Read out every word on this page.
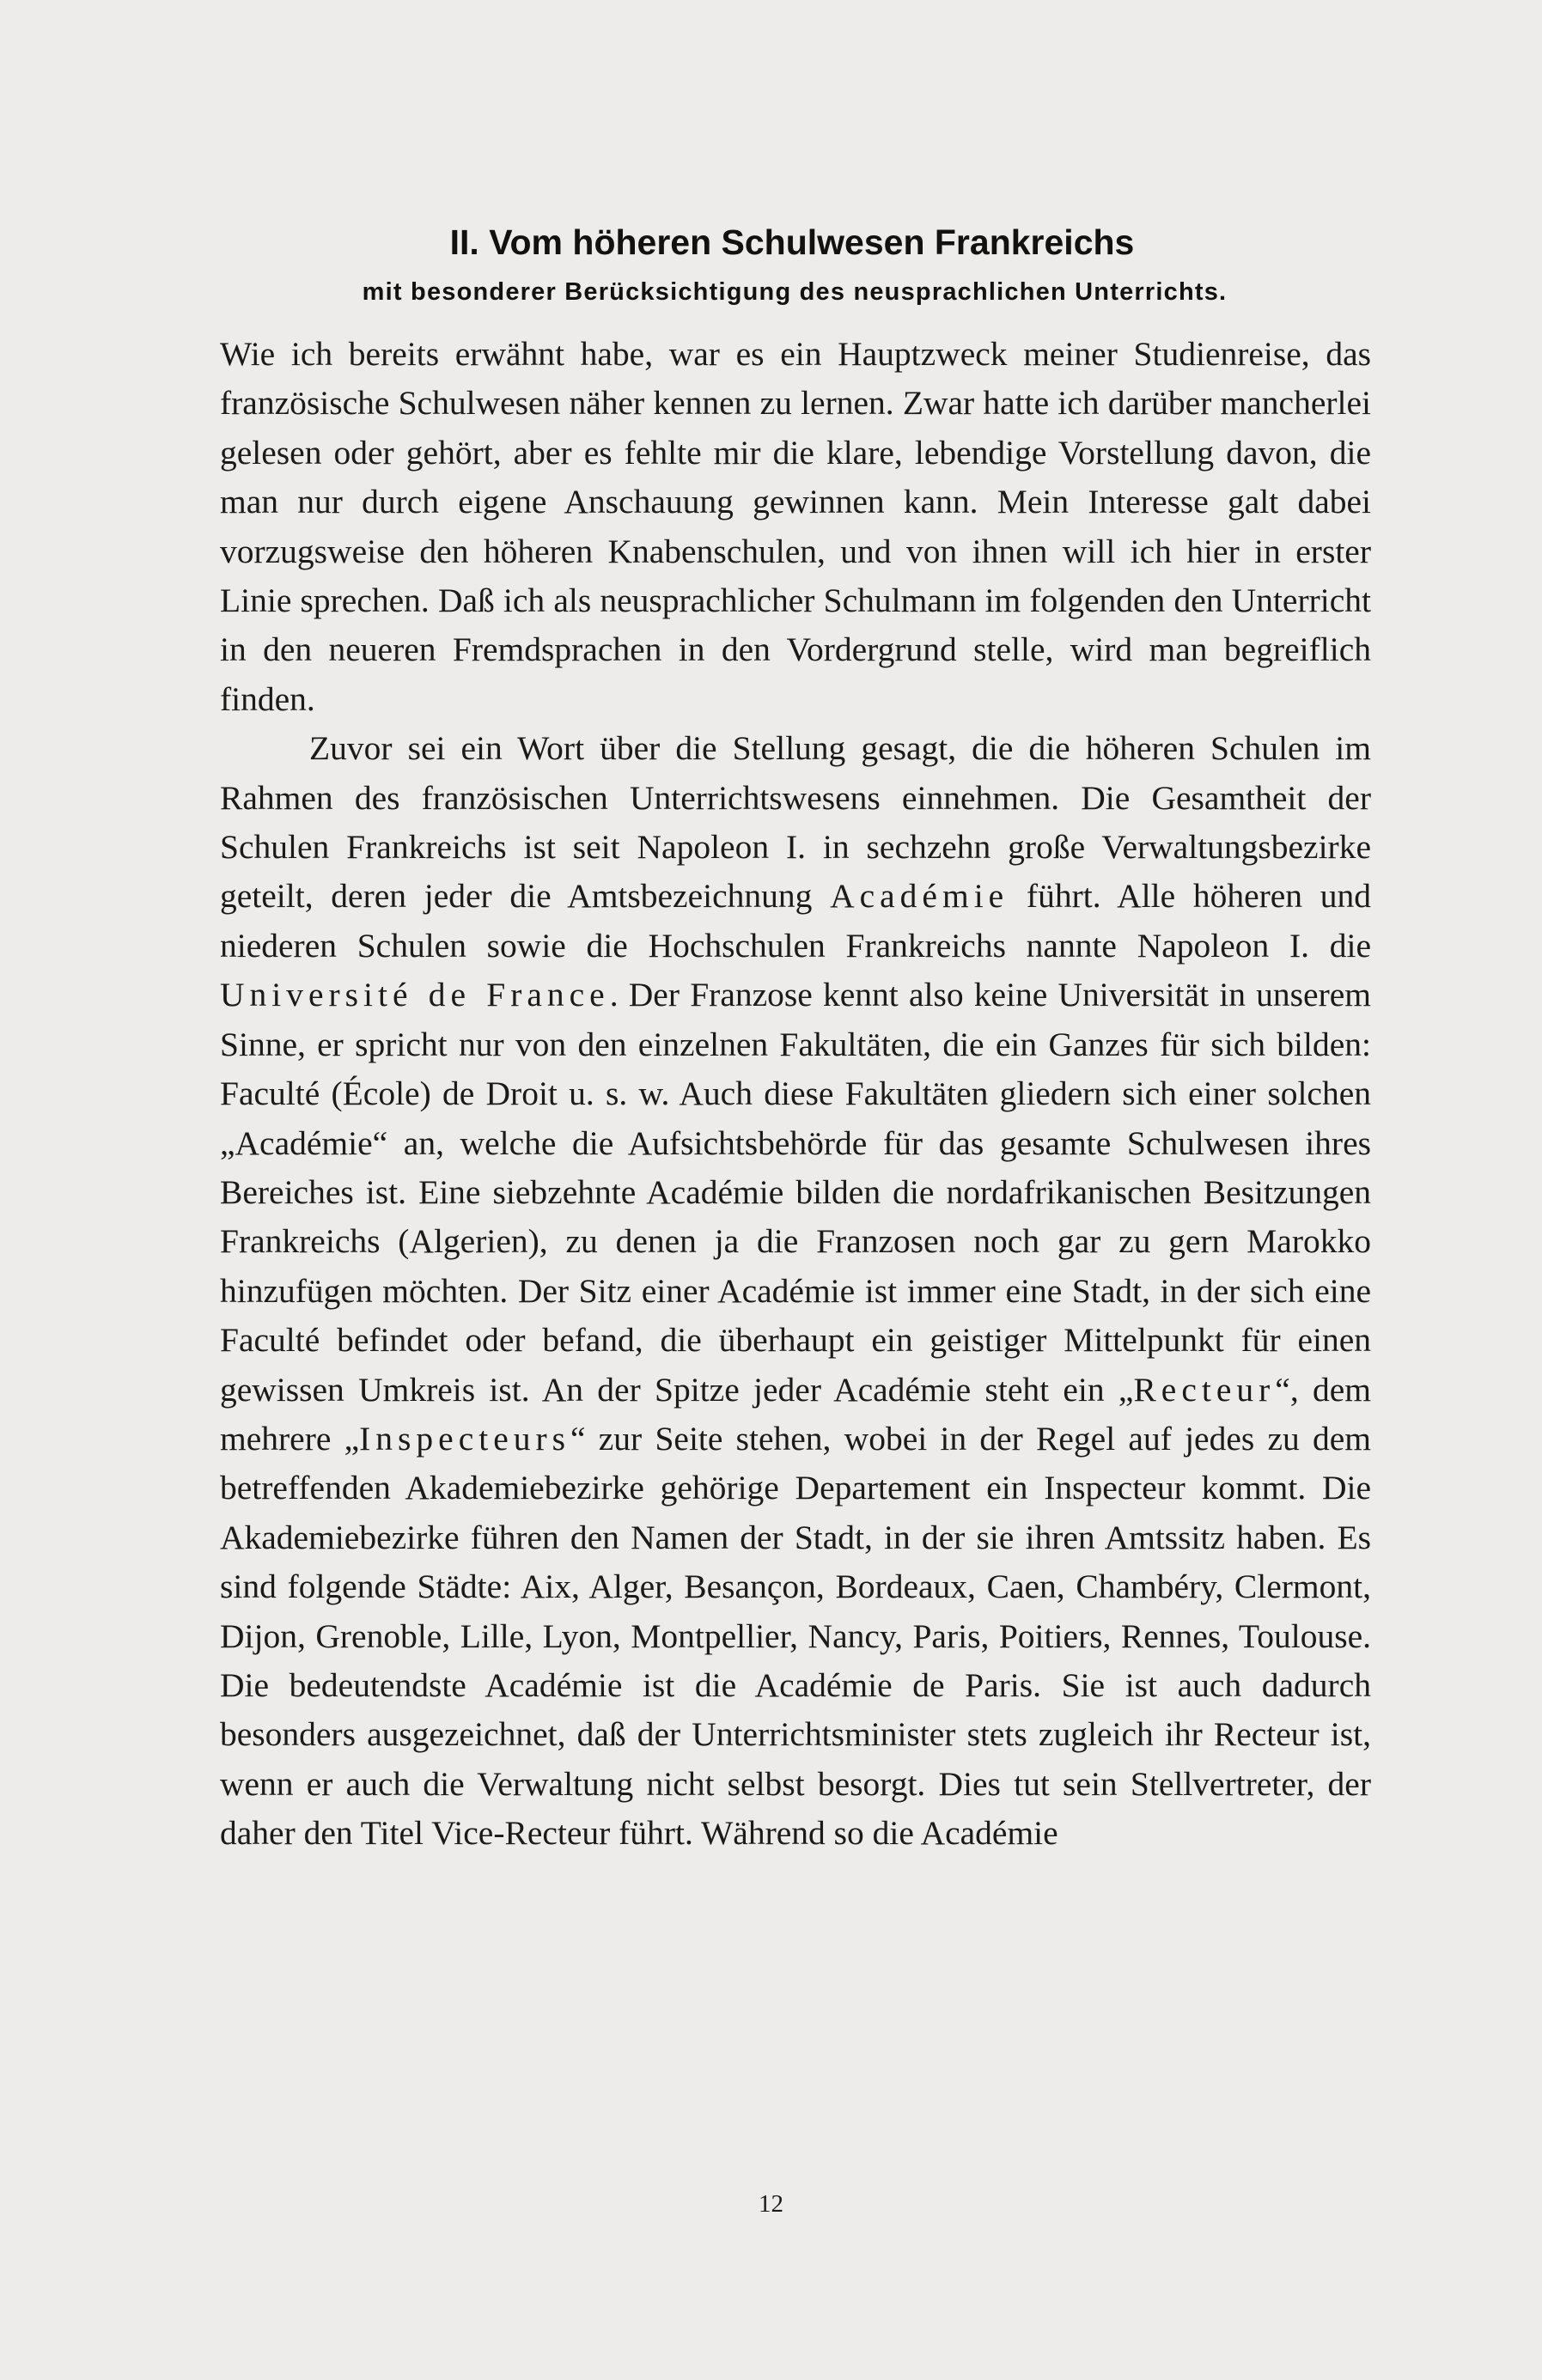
II. Vom höheren Schulwesen Frankreichs
mit besonderer Berücksichtigung des neusprachlichen Unterrichts.

Wie ich bereits erwähnt habe, war es ein Hauptzweck meiner Studienreise, das französische Schulwesen näher kennen zu lernen. Zwar hatte ich darüber mancherlei gelesen oder gehört, aber es fehlte mir die klare, lebendige Vorstellung davon, die man nur durch eigene Anschauung gewinnen kann. Mein Interesse galt dabei vorzugsweise den höheren Knabenschulen, und von ihnen will ich hier in erster Linie sprechen. Daß ich als neusprachlicher Schulmann im folgenden den Unterricht in den neueren Fremdsprachen in den Vordergrund stelle, wird man begreiflich finden.

Zuvor sei ein Wort über die Stellung gesagt, die die höheren Schulen im Rahmen des französischen Unterrichtswesens einnehmen. Die Gesamtheit der Schulen Frankreichs ist seit Napoleon I. in sechzehn große Verwaltungsbezirke geteilt, deren jeder die Amtsbezeichnung Académie führt. Alle höheren und niederen Schulen sowie die Hochschulen Frankreichs nannte Napoleon I. die Université de France. Der Franzose kennt also keine Universität in unserem Sinne, er spricht nur von den einzelnen Fakultäten, die ein Ganzes für sich bilden: Faculté (École) de Droit u. s. w. Auch diese Fakultäten gliedern sich einer solchen „Académie“ an, welche die Aufsichtsbehörde für das gesamte Schulwesen ihres Bereiches ist. Eine siebzehnte Académie bilden die nordafrikanischen Besitzungen Frankreichs (Algerien), zu denen ja die Franzosen noch gar zu gern Marokko hinzufügen möchten. Der Sitz einer Académie ist immer eine Stadt, in der sich eine Faculté befindet oder befand, die überhaupt ein geistiger Mittelpunkt für einen gewissen Umkreis ist. An der Spitze jeder Académie steht ein „Recteur“, dem mehrere „Inspecteurs“ zur Seite stehen, wobei in der Regel auf jedes zu dem betreffenden Akademiebezirke gehörige Departement ein Inspecteur kommt. Die Akademiebezirke führen den Namen der Stadt, in der sie ihren Amtssitz haben. Es sind folgende Städte: Aix, Alger, Besançon, Bordeaux, Caen, Chambéry, Clermont, Dijon, Grenoble, Lille, Lyon, Montpellier, Nancy, Paris, Poitiers, Rennes, Toulouse. Die bedeutendste Académie ist die Académie de Paris. Sie ist auch dadurch besonders ausgezeichnet, daß der Unterrichtsminister stets zugleich ihr Recteur ist, wenn er auch die Verwaltung nicht selbst besorgt. Dies tut sein Stellvertreter, der daher den Titel Vice-Recteur führt. Während so die Académie

12
